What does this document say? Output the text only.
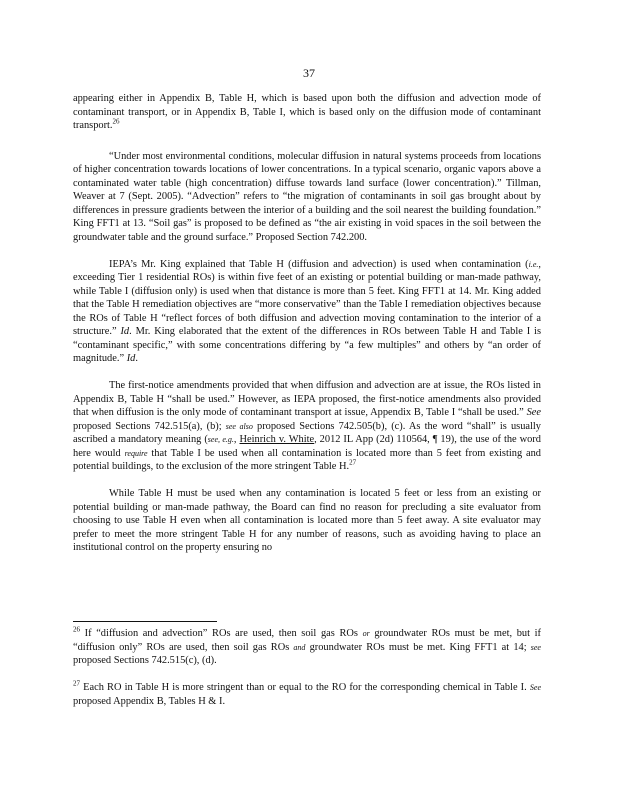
37

appearing either in Appendix B, Table H, which is based upon both the diffusion and advection mode of contaminant transport, or in Appendix B, Table I, which is based only on the diffusion mode of contaminant transport.$^{26}$

“Under most environmental conditions, molecular diffusion in natural systems proceeds from locations of higher concentration towards locations of lower concentrations. In a typical scenario, organic vapors above a contaminated water table (high concentration) diffuse towards land surface (lower concentration).” Tillman, Weaver at 7 (Sept. 2005). “Advection” refers to “the migration of contaminants in soil gas brought about by differences in pressure gradients between the interior of a building and the soil nearest the building foundation.” King FFT1 at 13. “Soil gas” is proposed to be defined as “the air existing in void spaces in the soil between the groundwater table and the ground surface.” Proposed Section 742.200.

IEPA’s Mr. King explained that Table H (diffusion and advection) is used when contamination (i.e., exceeding Tier 1 residential ROs) is within five feet of an existing or potential building or man-made pathway, while Table I (diffusion only) is used when that distance is more than 5 feet. King FFT1 at 14. Mr. King added that the Table H remediation objectives are “more conservative” than the Table I remediation objectives because the ROs of Table H “reflect forces of both diffusion and advection moving contamination to the interior of a structure.” Id. Mr. King elaborated that the extent of the differences in ROs between Table H and Table I is “contaminant specific,” with some concentrations differing by “a few multiples” and others by “an order of magnitude.” Id.

The first-notice amendments provided that when diffusion and advection are at issue, the ROs listed in Appendix B, Table H “shall be used.” However, as IEPA proposed, the first-notice amendments also provided that when diffusion is the only mode of contaminant transport at issue, Appendix B, Table I “shall be used.” See proposed Sections 742.515(a), (b); see also proposed Sections 742.505(b), (c). As the word “shall” is usually ascribed a mandatory meaning (see, e.g., Heinrich v. White, 2012 IL App (2d) 110564, ¶ 19), the use of the word here would require that Table I be used when all contamination is located more than 5 feet from existing and potential buildings, to the exclusion of the more stringent Table H.$^{27}$

While Table H must be used when any contamination is located 5 feet or less from an existing or potential building or man-made pathway, the Board can find no reason for precluding a site evaluator from choosing to use Table H even when all contamination is located more than 5 feet away. A site evaluator may prefer to meet the more stringent Table H for any number of reasons, such as avoiding having to place an institutional control on the property ensuring no

$^{26}$ If “diffusion and advection” ROs are used, then soil gas ROs or groundwater ROs must be met, but if “diffusion only” ROs are used, then soil gas ROs and groundwater ROs must be met. King FFT1 at 14; see proposed Sections 742.515(c), (d).

$^{27}$ Each RO in Table H is more stringent than or equal to the RO for the corresponding chemical in Table I. See proposed Appendix B, Tables H & I.
